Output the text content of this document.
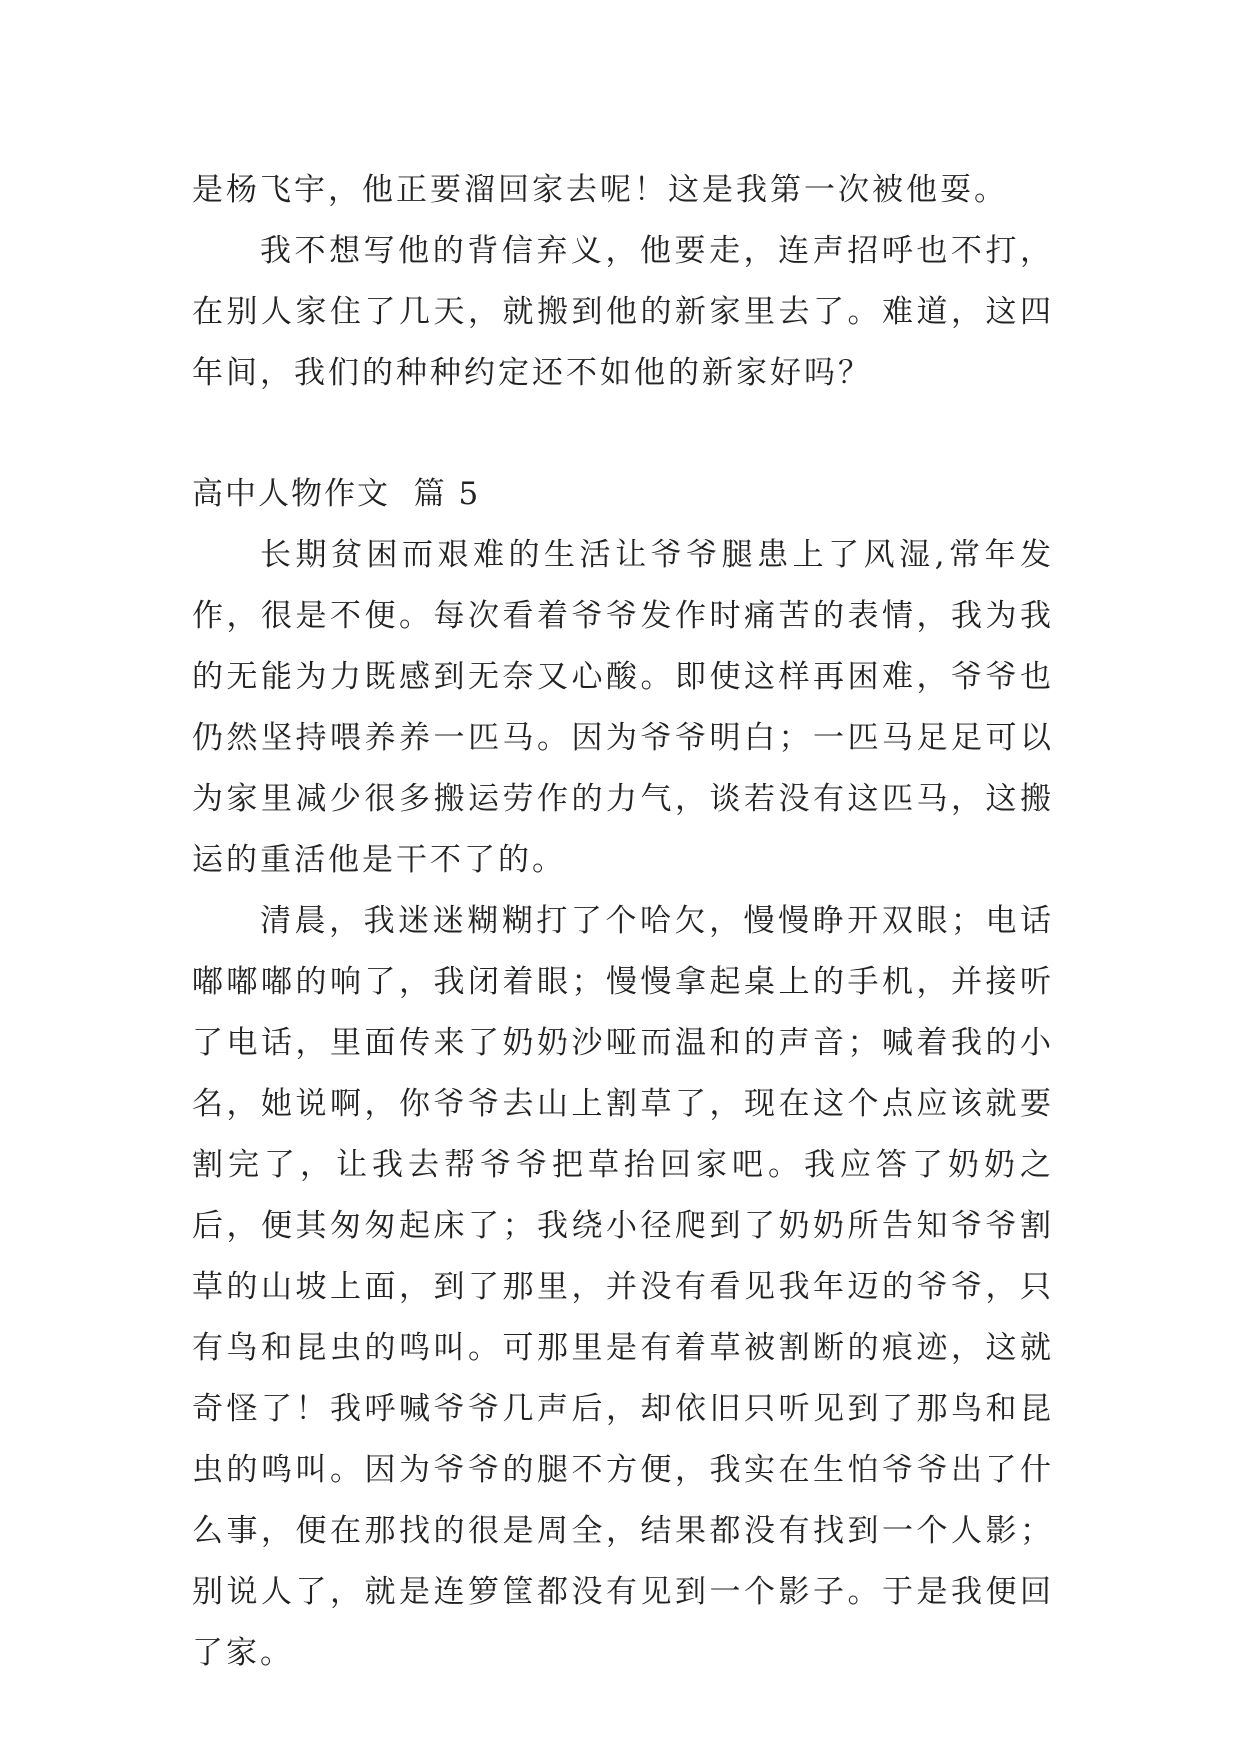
是杨飞宇，他正要溜回家去呢！这是我第一次被他耍。

我不想写他的背信弃义，他要走，连声招呼也不打，在别人家住了几天，就搬到他的新家里去了。难道，这四年间，我们的种种约定还不如他的新家好吗？

高中人物作文  篇 5

长期贫困而艰难的生活让爷爷腿患上了风湿,常年发作，很是不便。每次看着爷爷发作时痛苦的表情，我为我的无能为力既感到无奈又心酸。即使这样再困难，爷爷也仍然坚持喂养养一匹马。因为爷爷明白；一匹马足足可以为家里减少很多搬运劳作的力气，谈若没有这匹马，这搬运的重活他是干不了的。

清晨，我迷迷糊糊打了个哈欠，慢慢睁开双眼；电话嘟嘟嘟的响了，我闭着眼；慢慢拿起桌上的手机，并接听了电话，里面传来了奶奶沙哑而温和的声音；喊着我的小名，她说啊，你爷爷去山上割草了，现在这个点应该就要割完了，让我去帮爷爷把草抬回家吧。我应答了奶奶之后，便其匆匆起床了；我绕小径爬到了奶奶所告知爷爷割草的山坡上面，到了那里，并没有看见我年迈的爷爷，只有鸟和昆虫的鸣叫。可那里是有着草被割断的痕迹，这就奇怪了！我呼喊爷爷几声后，却依旧只听见到了那鸟和昆虫的鸣叫。因为爷爷的腿不方便，我实在生怕爷爷出了什么事，便在那找的很是周全，结果都没有找到一个人影；别说人了，就是连箩筐都没有见到一个影子。于是我便回了家。
